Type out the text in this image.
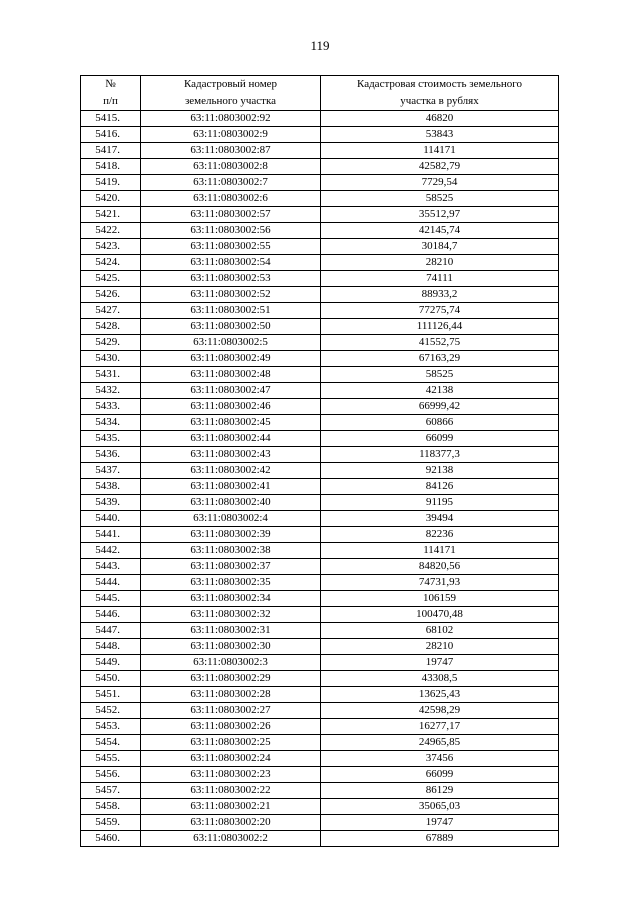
119
№	Кадастровый номер	Кадастровая стоимость земельного
п/п	земельного участка	участка в рублях
5415.	63:11:0803002:92	46820
5416.	63:11:0803002:9	53843
5417.	63:11:0803002:87	114171
5418.	63:11:0803002:8	42582,79
5419.	63:11:0803002:7	7729,54
5420.	63:11:0803002:6	58525
5421.	63:11:0803002:57	35512,97
5422.	63:11:0803002:56	42145,74
5423.	63:11:0803002:55	30184,7
5424.	63:11:0803002:54	28210
5425.	63:11:0803002:53	74111
5426.	63:11:0803002:52	88933,2
5427.	63:11:0803002:51	77275,74
5428.	63:11:0803002:50	111126,44
5429.	63:11:0803002:5	41552,75
5430.	63:11:0803002:49	67163,29
5431.	63:11:0803002:48	58525
5432.	63:11:0803002:47	42138
5433.	63:11:0803002:46	66999,42
5434.	63:11:0803002:45	60866
5435.	63:11:0803002:44	66099
5436.	63:11:0803002:43	118377,3
5437.	63:11:0803002:42	92138
5438.	63:11:0803002:41	84126
5439.	63:11:0803002:40	91195
5440.	63:11:0803002:4	39494
5441.	63:11:0803002:39	82236
5442.	63:11:0803002:38	114171
5443.	63:11:0803002:37	84820,56
5444.	63:11:0803002:35	74731,93
5445.	63:11:0803002:34	106159
5446.	63:11:0803002:32	100470,48
5447.	63:11:0803002:31	68102
5448.	63:11:0803002:30	28210
5449.	63:11:0803002:3	19747
5450.	63:11:0803002:29	43308,5
5451.	63:11:0803002:28	13625,43
5452.	63:11:0803002:27	42598,29
5453.	63:11:0803002:26	16277,17
5454.	63:11:0803002:25	24965,85
5455.	63:11:0803002:24	37456
5456.	63:11:0803002:23	66099
5457.	63:11:0803002:22	86129
5458.	63:11:0803002:21	35065,03
5459.	63:11:0803002:20	19747
5460.	63:11:0803002:2	67889
